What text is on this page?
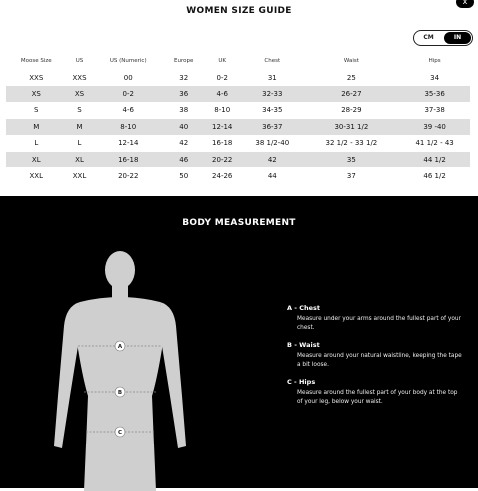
WOMEN SIZE GUIDE
x
CM	IN
Moose Size	US	US (Numeric)	Europe	UK	Chest	Waist	Hips
XXS	XXS	00	32	0-2	31	25	34
XS	XS	0-2	36	4-6	32-33	26-27	35-36
S	S	4-6	38	8-10	34-35	28-29	37-38
M	M	8-10	40	12-14	36-37	30-31 1/2	39 -40
L	L	12-14	42	16-18	38 1/2-40	32 1/2 - 33 1/2	41 1/2 - 43
XL	XL	16-18	46	20-22	42	35	44 1/2
XXL	XXL	20-22	50	24-26	44	37	46 1/2
BODY MEASUREMENT
A
B
C
A - Chest
Measure under your arms around the fullest part of your chest.
B - Waist
Measure around your natural waistline, keeping the tape a bit loose.
C - Hips
Measure around the fullest part of your body at the top of your leg, below your waist.
